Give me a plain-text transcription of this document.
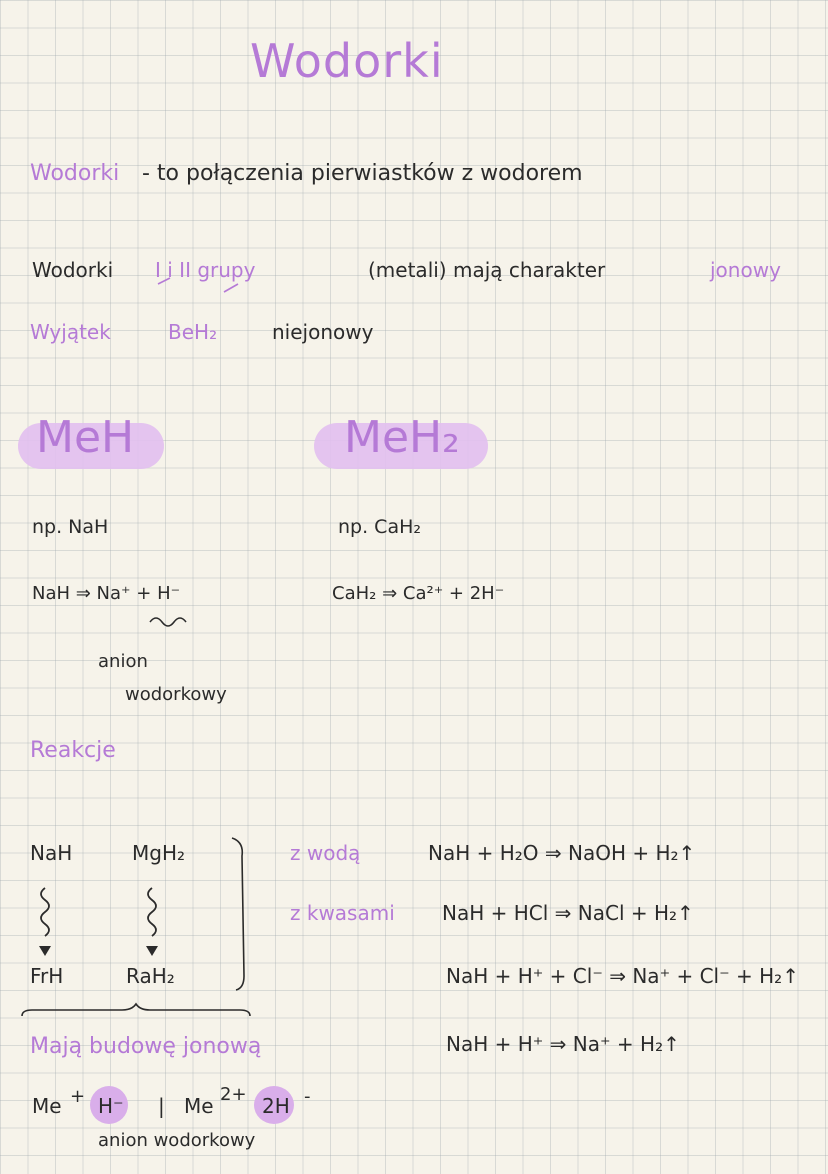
Wodorki
Wodorki - to połączenia pierwiastków z wodorem
Wodorki I i II grupy	(metali) mają charakter	jonowy
Wyjątek	BeH₂	niejonowy
MeH	MeH₂
np. NaH
NaH ⇒ Na⁺ + H⁻
anion
wodorkowy
np. CaH₂
CaH₂ ⇒ Ca²⁺ + 2H⁻
Reakcje
NaH	MgH₂
FrH	RaH₂
Mają budowę jonową
Me + H⁻ | Me 2+ 2H -
anion wodorkowy
z wodą	NaH + H₂O ⇒ NaOH + H₂↑
z kwasami NaH + HCl ⇒ NaCl + H₂↑
NaH + H⁺ + Cl⁻ ⇒ Na⁺ + Cl⁻ + H₂↑
NaH + H⁺ ⇒ Na⁺ + H₂↑
